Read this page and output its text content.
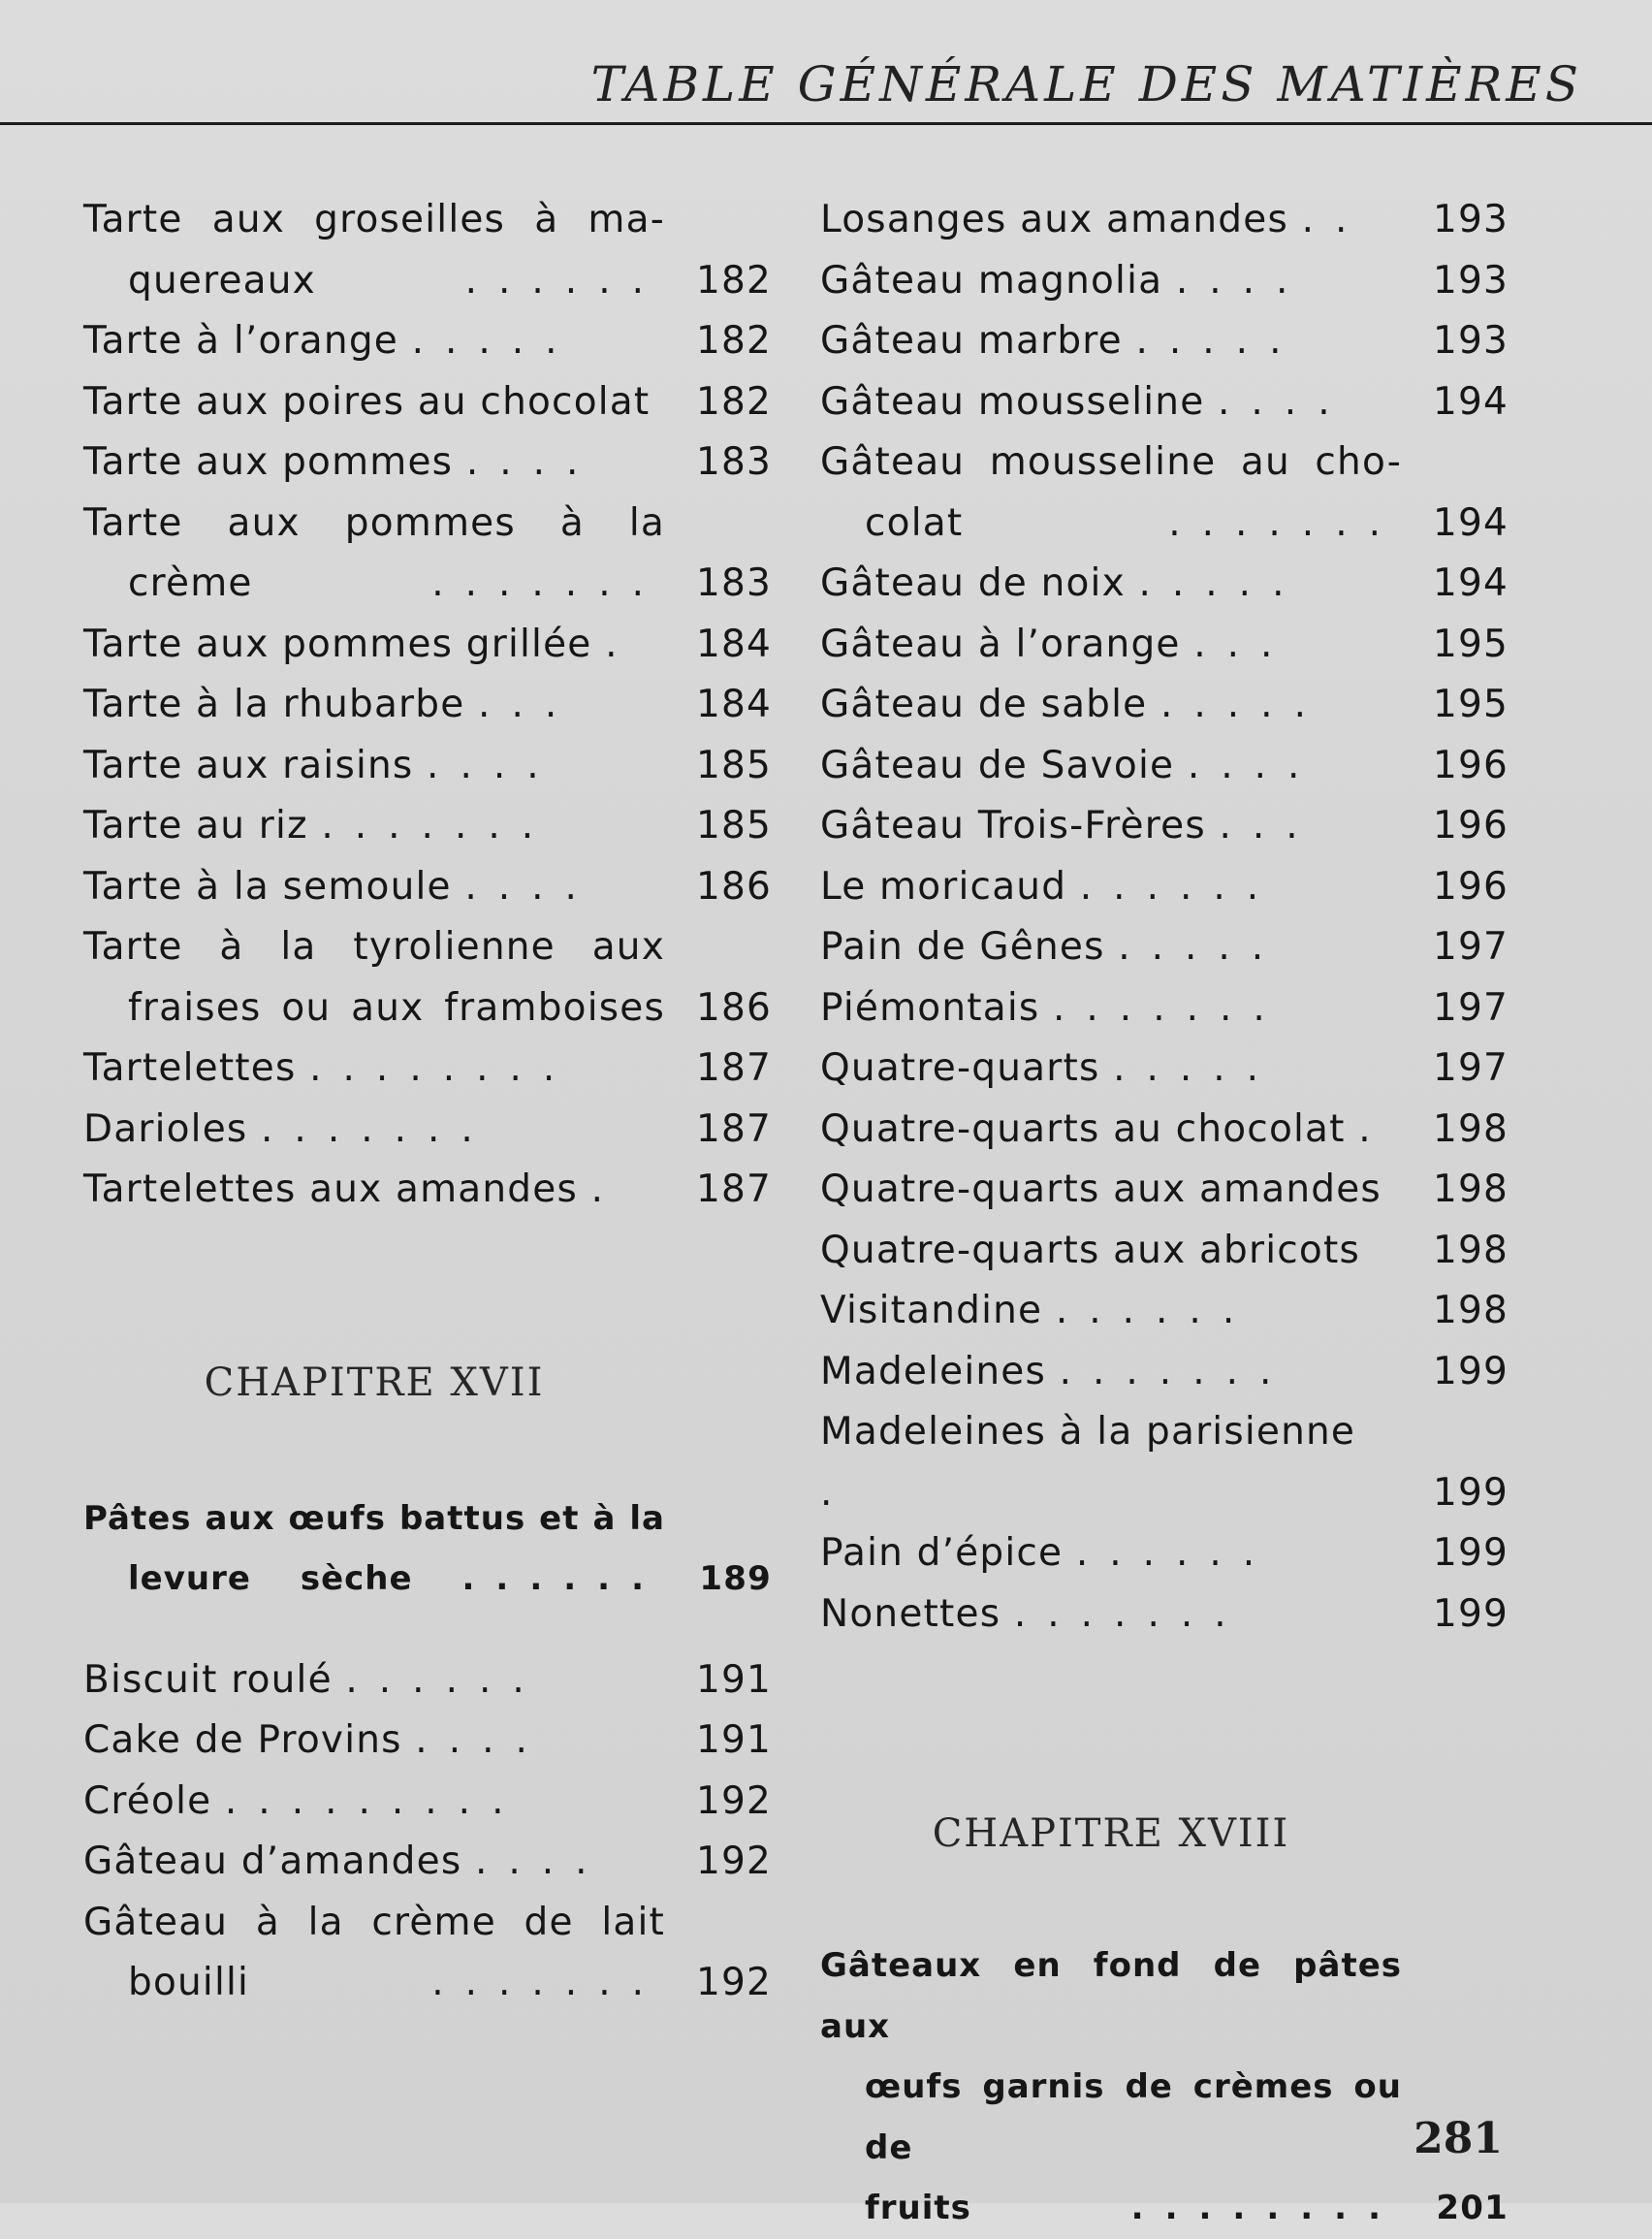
TABLE GÉNÉRALE DES MATIÈRES
Tarte aux groseilles à ma-
quereaux	...... 182
Tarte à l’orange .....	182
Tarte aux poires au chocolat	182
Tarte aux pommes ....	183
Tarte aux pommes à la
crème	....... 183
Tarte aux pommes grillée .	184
Tarte à la rhubarbe ...	184
Tarte aux raisins ....	185
Tarte au riz .......	185
Tarte à la semoule ....	186
Tarte à la tyrolienne aux
fraises ou aux framboises 186
Tartelettes ........	187
Darioles .......	187
Tartelettes aux amandes .	187
CHAPITRE XVII
Pâtes aux œufs battus et à la
levure sèche ......	189
Biscuit roulé ......	191
Cake de Provins ....	191
Créole .........	192
Gâteau d’amandes ....	192
Gâteau à la crème de lait
bouilli	....... 192
Losanges aux amandes ..	193
Gâteau magnolia ....	193
Gâteau marbre .....	193
Gâteau mousseline ....	194
Gâteau mousseline au cho-
colat	....... 194
Gâteau de noix .....	194
Gâteau à l’orange ...	195
Gâteau de sable .....	195
Gâteau de Savoie ....	196
Gâteau Trois-Frères ...	196
Le moricaud ......	196
Pain de Gênes .....	197
Piémontais .......	197
Quatre-quarts .....	197
Quatre-quarts au chocolat .	198
Quatre-quarts aux amandes	198
Quatre-quarts aux abricots	198
Visitandine ......	198
Madeleines .......	199
Madeleines à la parisienne .	199
Pain d’épice ......	199
Nonettes .......	199
CHAPITRE XVIII
Gâteaux en fond de pâtes aux
œufs garnis de crèmes ou de
fruits	........	201
281
